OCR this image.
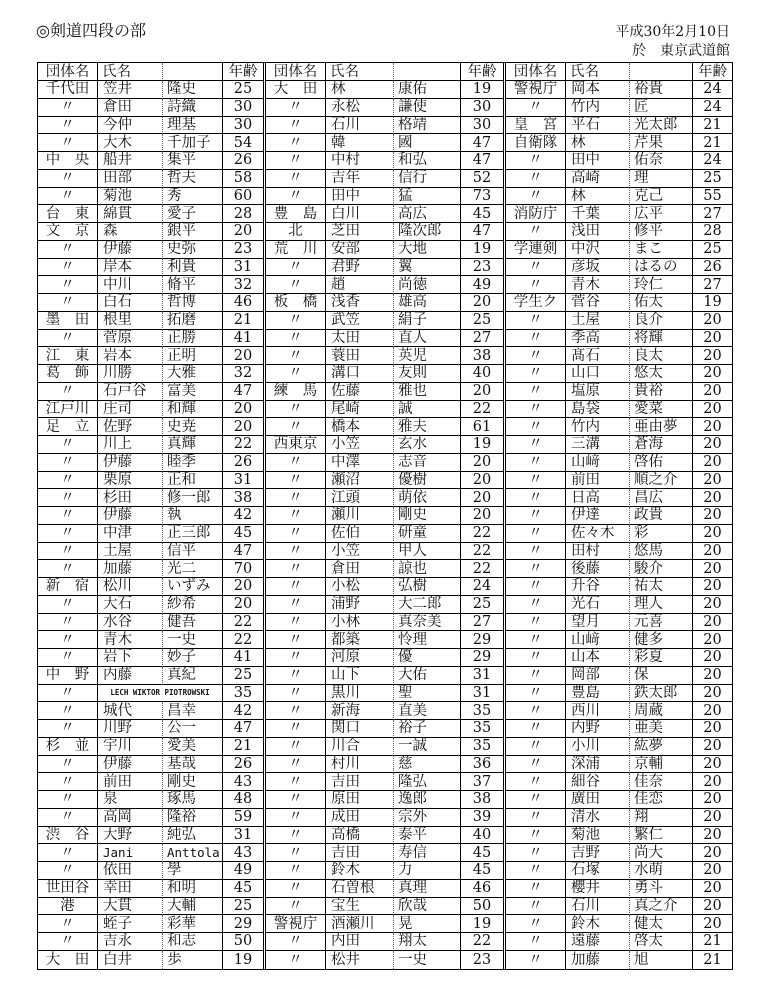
◎剣道四段の部	平成30年2月10日
於　東京武道館
団体名 氏名	年齢
千代田 笠井	隆史	25
〃	倉田	詩織	30
〃	今仲	理基	30
〃	大木	千加子	54
中　央 船井	集平	26
〃	田部	哲夫	58
〃	菊池	秀	60
台　東 綿貫	愛子	28
文　京 森	銀平	20
〃	伊藤	史弥	23
〃	岸本	利貴	31
〃	中川	脩平	32
〃	白石	哲博	46
墨　田 根里	拓磨	21
〃	菅原	正勝	41
江　東 岩本	正明	20
葛　飾 川勝	大雅	32
〃	石戸谷	富美	47
江戸川 庄司	和輝	20
足　立 佐野	史尭	20
〃	川上	真輝	22
〃	伊藤	睦季	26
〃	栗原	正和	31
〃	杉田	修一郎	38
〃	伊藤	執	42
〃	中津	正三郎	45
〃	土屋	信平	47
〃	加藤	光二	70
新　宿 松川	いずみ	20
〃	大石	紗希	20
〃	水谷	健吾	22
〃	青木	一史	22
〃	岩下	妙子	41
中　野 内藤	真紀	25
〃	LECH WIKTOR PIOTROWSKI	35
〃	城代	昌幸	42
〃	川野	公一	47
杉　並 宇川	愛美	21
〃	伊藤	基哉	26
〃	前田	剛史	43
〃	泉	琢馬	48
〃	高岡	隆裕	59
渋　谷 大野	純弘	31
〃	Jani	Anttola 43
〃	依田	學	49
世田谷 幸田	和明	45
港	大貫	大輔	25
〃	蛭子	彩華	29
〃	吉永	和志	50
大　田 白井	歩	19
団体名 氏名	年齢
大　田 林	康佑	19
〃	永松	謙使	30
〃	石川	格靖	30
〃	韓	國	47
〃	中村	和弘	47
〃	吉年	信行	52
〃	田中	猛	73
豊　島 白川	高広	45
北	芝田	隆次郎	47
荒　川 安部	大地	19
〃	君野	翼	23
〃	趙	尚徳	49
板　橋 浅香	雄高	20
〃	武笠	絹子	25
〃	太田	直人	27
〃	蓑田	英児	38
〃	溝口	友則	40
練　馬 佐藤	雅也	20
〃	尾崎	誠	22
〃	橋本	雅夫	61
西東京 小笠	玄水	19
〃	中澤	志音	20
〃	瀬沼	優樹	20
〃	江頭	萌依	20
〃	瀬川	剛史	20
〃	佐伯	研童	22
〃	小笠	甲人	22
〃	倉田	諒也	22
〃	小松	弘樹	24
〃	浦野	大二郎	25
〃	小林	真奈美	27
〃	都築	怜理	29
〃	河原	優	29
〃	山下	大佑	31
〃	黒川	聖	31
〃	新海	直美	35
〃	関口	裕子	35
〃	川合	一誠	35
〃	村川	慈	36
〃	吉田	隆弘	37
〃	原田	逸郎	38
〃	成田	宗外	39
〃	高橋	泰平	40
〃	吉田	寿信	45
〃	鈴木	力	45
〃	石曽根	真理	46
〃	宝生	欣哉	50
警視庁 酒瀬川	晃	19
〃	内田	翔太	22
〃	松井	一史	23
団体名 氏名	年齢
警視庁 岡本	裕貴	24
〃	竹内	匠	24
皇　宮 平石	光太郎	21
自衛隊 林	芹果	21
〃	田中	佑奈	24
〃	高崎	理	25
〃	林	克己	55
消防庁 千葉	広平	27
〃	浅田	修平	28
学連剣 中沢	まこ	25
〃	彦坂	はるの	26
〃	青木	玲仁	27
学生ク 菅谷	佑太	19
〃	土屋	良介	20
〃	季高	将輝	20
〃	髙石	良太	20
〃	山口	悠太	20
〃	塩原	貴裕	20
〃	島袋	愛菜	20
〃	竹内	亜由夢	20
〃	三溝	蒼海	20
〃	山﨑	啓佑	20
〃	前田	順之介	20
〃	日高	昌広	20
〃	伊達	政貴	20
〃	佐々木	彩	20
〃	田村	悠馬	20
〃	後藤	駿介	20
〃	升谷	祐太	20
〃	光石	理人	20
〃	望月	元喜	20
〃	山﨑	健多	20
〃	山本	彩夏	20
〃	岡部	保	20
〃	豊島	鉄太郎	20
〃	西川	周蔵	20
〃	内野	亜美	20
〃	小川	紘夢	20
〃	深浦	京輔	20
〃	細谷	佳奈	20
〃	廣田	佳恋	20
〃	清水	翔	20
〃	菊池	繁仁	20
〃	吉野	尚大	20
〃	石塚	水萌	20
〃	櫻井	勇斗	20
〃	石川	真之介	20
〃	鈴木	健太	20
〃	遠藤	啓太	21
〃	加藤	旭	21
